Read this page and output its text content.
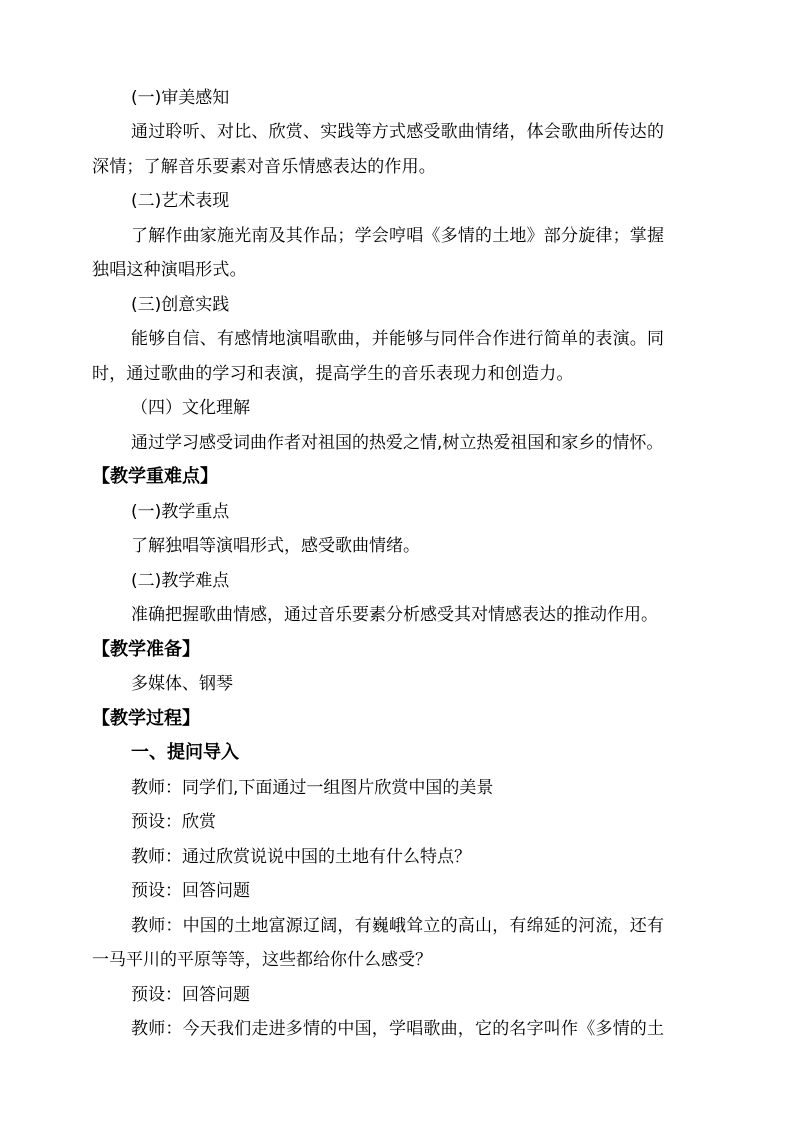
(一)审美感知
通过聆听、对比、欣赏、实践等方式感受歌曲情绪，体会歌曲所传达的
深情；了解音乐要素对音乐情感表达的作用。
(二)艺术表现
了解作曲家施光南及其作品；学会哼唱《多情的土地》部分旋律；掌握
独唱这种演唱形式。
(三)创意实践
能够自信、有感情地演唱歌曲，并能够与同伴合作进行简单的表演。同
时，通过歌曲的学习和表演，提高学生的音乐表现力和创造力。
（四）文化理解
通过学习感受词曲作者对祖国的热爱之情,树立热爱祖国和家乡的情怀。
【教学重难点】
(一)教学重点
了解独唱等演唱形式，感受歌曲情绪。
(二)教学难点
准确把握歌曲情感，通过音乐要素分析感受其对情感表达的推动作用。
【教学准备】
多媒体、钢琴
【教学过程】
一、提问导入
教师：同学们,下面通过一组图片欣赏中国的美景
预设：欣赏
教师：通过欣赏说说中国的土地有什么特点？
预设：回答问题
教师：中国的土地富源辽阔，有巍峨耸立的高山，有绵延的河流，还有
一马平川的平原等等，这些都给你什么感受？
预设：回答问题
教师：今天我们走进多情的中国，学唱歌曲，它的名字叫作《多情的土
